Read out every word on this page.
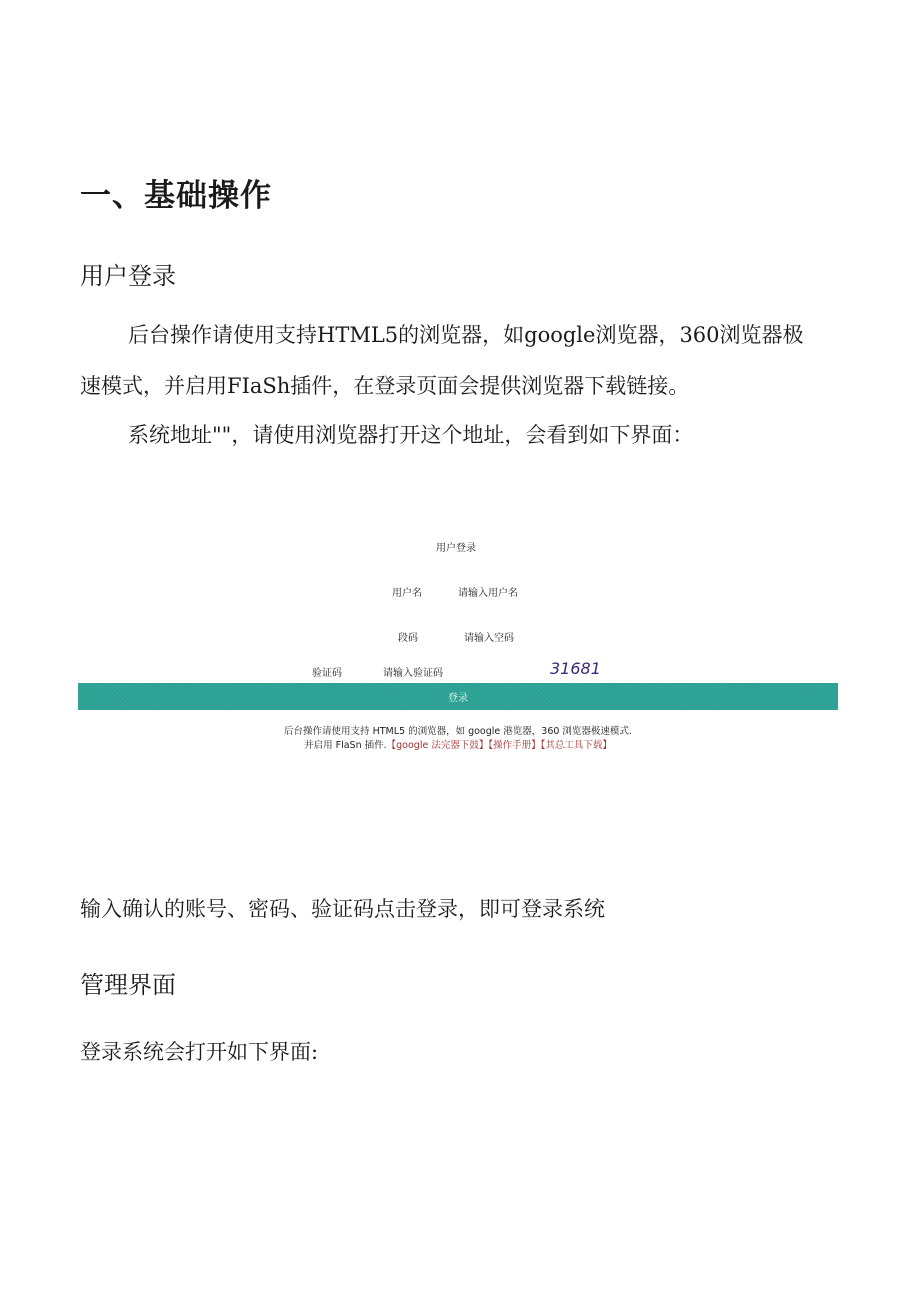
一、基础操作
用户登录
后台操作请使用支持HTML5的浏览器，如google浏览器，360浏览器极
速模式，并启用FIaSh插件，在登录页面会提供浏览器下载链接。
系统地址""，请使用浏览器打开这个地址，会看到如下界面：
用户登录
用户名	请输入用户名
段码	请输入空码
验证码	请输入验证码	31681
登录
后台操作请使用支持 HTML5 的浏览器，如 google 港览器，360 浏览器极速模式.
并启用 FlaSn 插件.【google 法完器下鼓】【操作手册】【其总工具下载】
输入确认的账号、密码、验证码点击登录，即可登录系统
管理界面
登录系统会打开如下界面:
